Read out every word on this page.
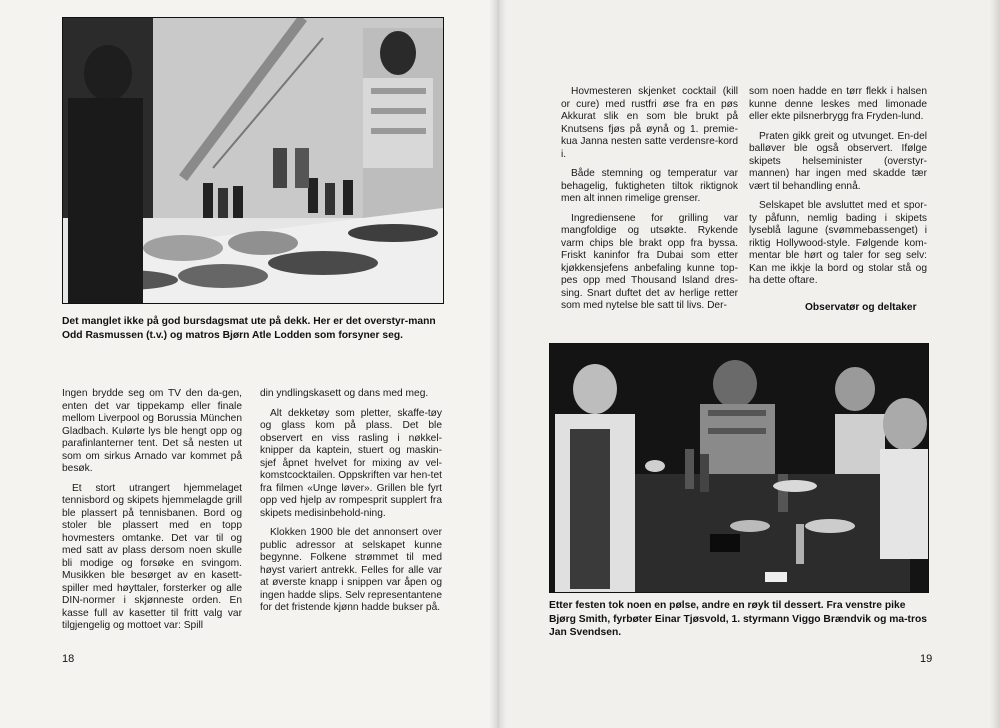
Det manglet ikke på god bursdagsmat ute på dekk. Her er det overstyr-mann Odd Rasmussen (t.v.) og matros Bjørn Atle Lodden som forsyner seg.

Ingen brydde seg om TV den da-gen, enten det var tippekamp eller finale mellom Liverpool og Borussia München Gladbach. Kulørte lys ble hengt opp og parafinlanterner tent. Det så nesten ut som om sirkus Arnado var kommet på besøk.

Et stort utrangert hjemmelaget tennisbord og skipets hjemmelagde grill ble plassert på tennisbanen. Bord og stoler ble plassert med en topp hovmesters omtanke. Det var til og med satt av plass dersom noen skulle bli modige og forsøke en svingom. Musikken ble besørget av en kasett-spiller med høyttaler, forsterker og alle DIN-normer i skjønneste orden. En kasse full av kasetter til fritt valg var tilgjengelig og mottoet var: Spill

din yndlingskasett og dans med meg.

Alt dekketøy som pletter, skaffe-tøy og glass kom på plass. Det ble observert en viss rasling i nøkkel-knipper da kaptein, stuert og maskin-sjef åpnet hvelvet for mixing av vel-komstcocktailen. Oppskriften var hen-tet fra filmen «Unge løver». Grillen ble fyrt opp ved hjelp av rompesprit supplert fra skipets medisinbehold-ning.

Klokken 1900 ble det annonsert over public adressor at selskapet kunne begynne. Folkene strømmet til med høyst variert antrekk. Felles for alle var at øverste knapp i snippen var åpen og ingen hadde slips. Selv representantene for det fristende kjønn hadde bukser på.

18

Hovmesteren skjenket cocktail (kill or cure) med rustfri øse fra en pøs Akkurat slik en som ble brukt på Knutsens fjøs på øynå og 1. premie-kua Janna nesten satte verdensre-kord i.

Både stemning og temperatur var behagelig, fuktigheten tiltok riktignok men alt innen rimelige grenser.

Ingrediensene for grilling var mangfoldige og utsøkte. Rykende varm chips ble brakt opp fra byssa. Friskt kaninfor fra Dubai som etter kjøkkensjefens anbefaling kunne top-pes opp med Thousand Island dres-sing. Snart duftet det av herlige retter som med nytelse ble satt til livs. Der-

som noen hadde en tørr flekk i halsen kunne denne leskes med limonade eller ekte pilsnerbrygg fra Fryden-lund.

Praten gikk greit og utvunget. En-del balløver ble også observert. Ifølge skipets helseminister (overstyr-mannen) har ingen med skadde tær vært til behandling ennå.

Selskapet ble avsluttet med et spor-ty påfunn, nemlig bading i skipets lyseblå lagune (svømmebassenget) i riktig Hollywood-style. Følgende kom-mentar ble hørt og taler for seg selv: Kan me ikkje la bord og stolar stå og ha dette oftare.

Observatør og deltaker
Etter festen tok noen en pølse, andre en røyk til dessert. Fra venstre pike Bjørg Smith, fyrbøter Einar Tjøsvold, 1. styrmann Viggo Brændvik og ma-tros Jan Svendsen.
19
